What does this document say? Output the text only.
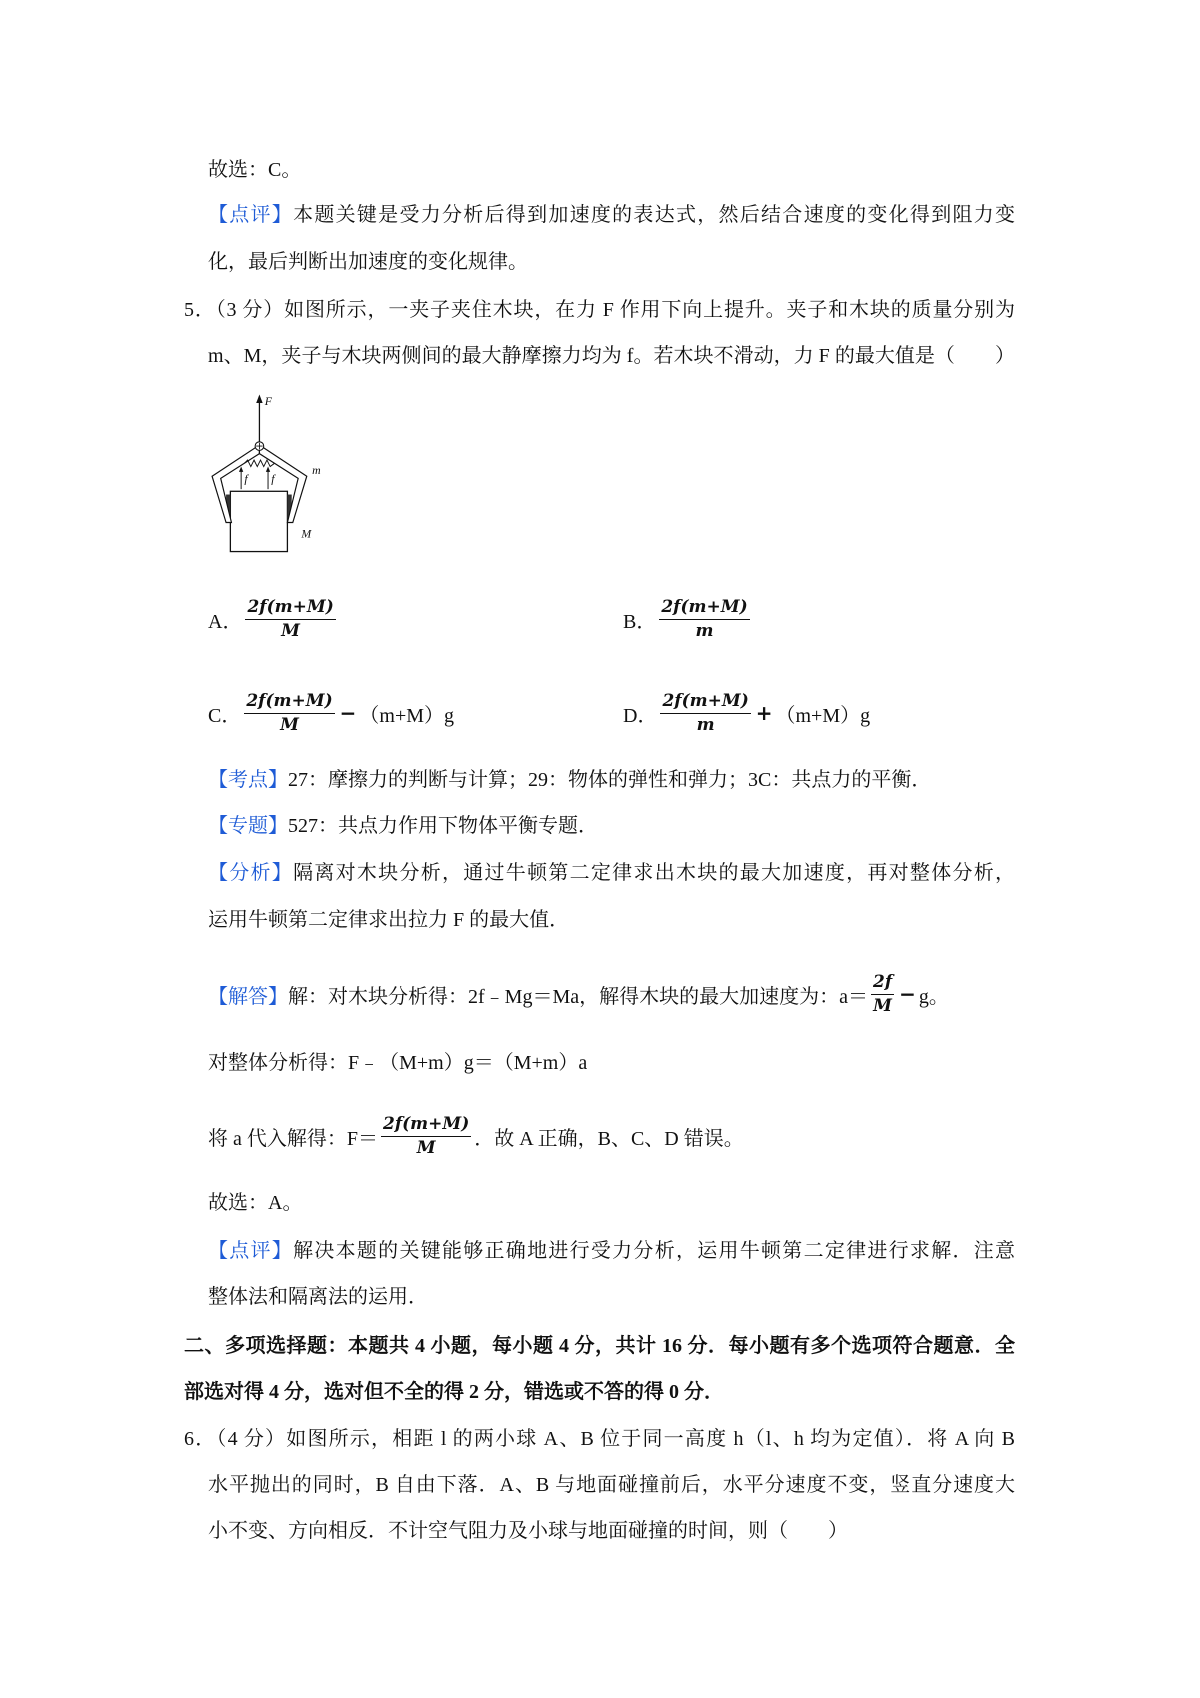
故选：C。
【点评】本题关键是受力分析后得到加速度的表达式，然后结合速度的变化得到阻力变
化，最后判断出加速度的变化规律。
5．（3 分）如图所示，一夹子夹住木块，在力 F 作用下向上提升。夹子和木块的质量分别为
m、M，夹子与木块两侧间的最大静摩擦力均为 f。若木块不滑动，力 F 的最大值是（　　）
F
f f
m
M
A． $\frac{2f(m+M)}{M}$	B． $\frac{2f(m+M)}{m}$
C． $\frac{2f(m+M)}{M} - (m+M)g$	D． $\frac{2f(m+M)}{m} + (m+M)g$
【考点】27：摩擦力的判断与计算；29：物体的弹性和弹力；3C：共点力的平衡．
【专题】527：共点力作用下物体平衡专题．
【分析】隔离对木块分析，通过牛顿第二定律求出木块的最大加速度，再对整体分析，
运用牛顿第二定律求出拉力 F 的最大值．
【解答】 解：对木块分析得：2f﹣Mg＝Ma，解得木块的最大加速度为：$a= \frac{2f}{M} - g$。
对整体分析得：F﹣（M+m）g＝（M+m）a
将 a 代入解得：$F= \frac{2f(m+M)}{M}$ ．故 A 正确，B、C、D 错误。
故选：A。
【点评】解决本题的关键能够正确地进行受力分析，运用牛顿第二定律进行求解．注意
整体法和隔离法的运用．
二、多项选择题：本题共 4 小题，每小题 4 分，共计 16 分．每小题有多个选项符合题意．全
部选对得 4 分，选对但不全的得 2 分，错选或不答的得 0 分．
6．（4 分）如图所示，相距 l 的两小球 A、B 位于同一高度 h（l、h 均为定值）．将 A 向 B
水平抛出的同时，B 自由下落．A、B 与地面碰撞前后，水平分速度不变，竖直分速度大
小不变、方向相反．不计空气阻力及小球与地面碰撞的时间，则（　　）
